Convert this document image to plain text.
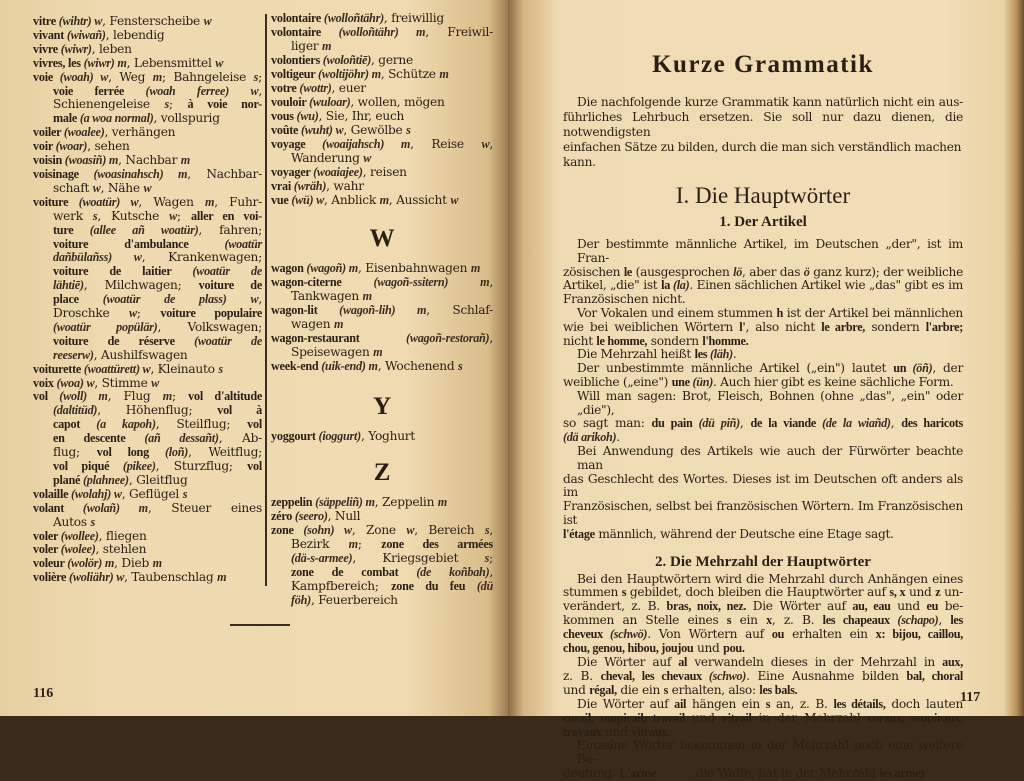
vitre (wihtr) w, Fensterscheibe w
vivant (wiwañ), lebendig
vivre (wiwr), leben
vivres, les (wiwr) m, Lebensmittel w
voie (woah) w, Weg m; Bahngeleise s;
voie ferrée (woah ferree) w,
Schienengeleise s; à voie nor-
male (a woa normal), vollspurig
voiler (woalee), verhängen
voir (woar), sehen
voisin (woasiñ) m, Nachbar m
voisinage (woasinahsch) m, Nachbar-
schaft w, Nähe w
voiture (woatür) w, Wagen m, Fuhr-
werk s, Kutsche w; aller en voi-
ture (allee añ woatür), fahren;
voiture d'ambulance (woatür
dañbülañss) w, Krankenwagen;
voiture de laitier (woatür de
lähtiē), Milchwagen; voiture de
place (woatür de plass) w,
Droschke w; voiture populaire
(woatür popülär), Volkswagen;
voiture de réserve (woatür de
reeserw), Aushilfswagen
voiturette (woattürett) w, Kleinauto s
voix (woa) w, Stimme w
vol (woll) m, Flug m; vol d'altitude
(daltitüd), Höhenflug; vol à
capot (a kapoh), Steilflug; vol
en descente (añ dessañt), Ab-
flug; vol long (loñ), Weitflug;
vol piqué (pikee), Sturzflug; vol
plané (plahnee), Gleitflug
volaille (wolahj) w, Geflügel s
volant (wolañ) m, Steuer eines
Autos s
voler (wollee), fliegen
voler (wolee), stehlen
voleur (wolör) m, Dieb m
volière (woliähr) w, Taubenschlag m
volontaire (wolloñtähr), freiwillig
volontaire (wolloñtähr) m, Freiwil-
liger m
volontiers (woloñtiē), gerne
voltigeur (woltijöhr) m, Schütze m
votre (wottr), euer
vouloir (wuloar), wollen, mögen
vous (wu), Sie, Ihr, euch
voûte (wuht) w, Gewölbe s
voyage (woaijahsch) m, Reise w,
Wanderung w
voyager (woaiajee), reisen
vrai (wräh), wahr
vue (wü) w, Anblick m, Aussicht w
W
wagon (wagoñ) m, Eisenbahnwagen m
wagon-citerne (wagoñ-ssitern) m,
Tankwagen m
wagon-lit (wagoñ-lih) m, Schlaf-
wagen m
wagon-restaurant (wagoñ-restorañ),
Speisewagen m
week-end (uik-end) m, Wochenend s
Y
yoggourt (ioggurt), Yoghurt
Z
zeppelin (säppeliñ) m, Zeppelin m
zéro (seero), Null
zone (sohn) w, Zone w, Bereich s,
Bezirk m; zone des armées
(dä-s-armee), Kriegsgebiet s;
zone de combat (de koñbah),
Kampfbereich; zone du feu (dü
föh), Feuerbereich
116
Kurze Grammatik
Die nachfolgende kurze Grammatik kann natürlich nicht ein aus-
führliches Lehrbuch ersetzen. Sie soll nur dazu dienen, die notwendigsten
einfachen Sätze zu bilden, durch die man sich verständlich machen kann.
I. Die Hauptwörter
1. Der Artikel
Der bestimmte männliche Artikel, im Deutschen „der", ist im Fran-
zösischen le (ausgesprochen lö, aber das ö ganz kurz); der weibliche
Artikel, „die" ist la (la). Einen sächlichen Artikel wie „das" gibt es im
Französischen nicht.
Vor Vokalen und einem stummen h ist der Artikel bei männlichen
wie bei weiblichen Wörtern l', also nicht le arbre, sondern l'arbre;
nicht le homme, sondern l'homme.
Die Mehrzahl heißt les (läh).
Der unbestimmte männliche Artikel („ein") lautet un (öñ), der
weibliche („eine") une (ün). Auch hier gibt es keine sächliche Form.
Will man sagen: Brot, Fleisch, Bohnen (ohne „das", „ein" oder „die"),
so sagt man: du pain (dü piñ), de la viande (de la wiañd), des haricots
(dä arikoh).
Bei Anwendung des Artikels wie auch der Fürwörter beachte man
das Geschlecht des Wortes. Dieses ist im Deutschen oft anders als im
Französischen, selbst bei französischen Wörtern. Im Französischen ist
l'étage männlich, während der Deutsche eine Etage sagt.
2. Die Mehrzahl der Hauptwörter
Bei den Hauptwörtern wird die Mehrzahl durch Anhängen eines
stummen s gebildet, doch bleiben die Hauptwörter auf s, x und z un-
verändert, z. B. bras, noix, nez. Die Wörter auf au, eau und eu be-
kommen an Stelle eines s ein x, z. B. les chapeaux (schapo), les
cheveux (schwö). Von Wörtern auf ou erhalten ein x: bijou, caillou,
chou, genou, hibou, joujou und pou.
Die Wörter auf al verwandeln dieses in der Mehrzahl in aux,
z. B. cheval, les chevaux (schwo). Eine Ausnahme bilden bal, choral
und régal, die ein s erhalten, also: les bals.
Die Wörter auf ail hängen ein s an, z. B. les détails, doch lauten
corail, soupirail, travail und vitrail in der Mehrzahl coraux, soupiraux,
travaux und vitraux.
Einzelne Wörter bekommen in der Mehrzahl noch eine weitere Be-
deutung. L'arme (larm), die Waffe, hat in der Mehrzahl les armes
117
